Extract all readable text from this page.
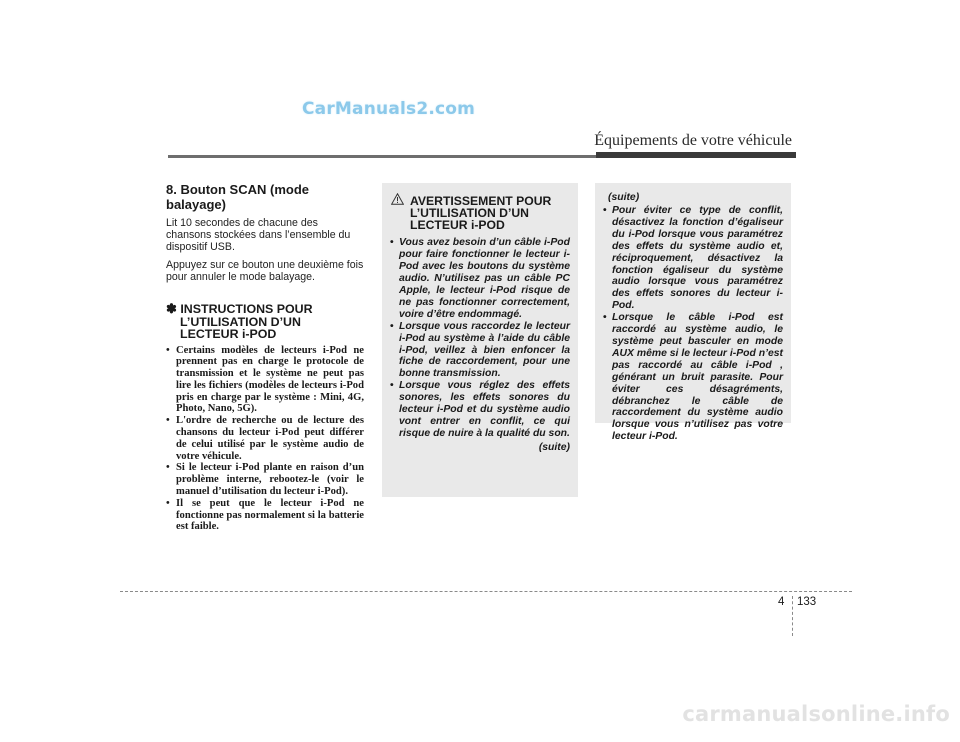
CarManuals2.com
Équipements de votre véhicule
8. Bouton SCAN (mode balayage)

Lit 10 secondes de chacune des chansons stockées dans l’ensemble du dispositif USB.

Appuyez sur ce bouton une deuxième fois pour annuler le mode balayage.

✽ INSTRUCTIONS POUR
L’UTILISATION D’UN
LECTEUR i-POD
• Certains modèles de lecteurs i-Pod ne prennent pas en charge le protocole de transmission et le système ne peut pas lire les fichiers (modèles de lecteurs i-Pod pris en charge par le système : Mini, 4G, Photo, Nano, 5G).
• L'ordre de recherche ou de lecture des chansons du lecteur i-Pod peut différer de celui utilisé par le système audio de votre véhicule.
• Si le lecteur i-Pod plante en raison d’un problème interne, rebootez-le (voir le manuel d’utilisation du lecteur i-Pod).
• Il se peut que le lecteur i-Pod ne fonctionne pas normalement si la batterie est faible.
AVERTISSEMENT POUR
L’UTILISATION D’UN
LECTEUR i-POD
• Vous avez besoin d’un câble i-Pod pour faire fonctionner le lecteur i-Pod avec les boutons du système audio. N’utilisez pas un câble PC Apple, le lecteur i-Pod risque de ne pas fonctionner correctement, voire d’être endommagé.
• Lorsque vous raccordez le lecteur i-Pod au système à l’aide du câble i-Pod, veillez à bien enfoncer la fiche de raccordement, pour une bonne transmission.
• Lorsque vous réglez des effets sonores, les effets sonores du lecteur i-Pod et du système audio vont entrer en conflit, ce qui risque de nuire à la qualité du son.
(suite)
(suite)
• Pour éviter ce type de conflit, désactivez la fonction d’égaliseur du i-Pod lorsque vous paramétrez des effets du système audio et, réciproquement, désactivez la fonction égaliseur du système audio lorsque vous paramétrez des effets sonores du lecteur i-Pod.
• Lorsque le câble i-Pod est raccordé au système audio, le système peut basculer en mode AUX même si le lecteur i-Pod n’est pas raccordé au câble i-Pod , générant un bruit parasite. Pour éviter ces désagréments, débranchez le câble de raccordement du système audio lorsque vous n’utilisez pas votre lecteur i-Pod.
4 133
carmanualsonline.info
